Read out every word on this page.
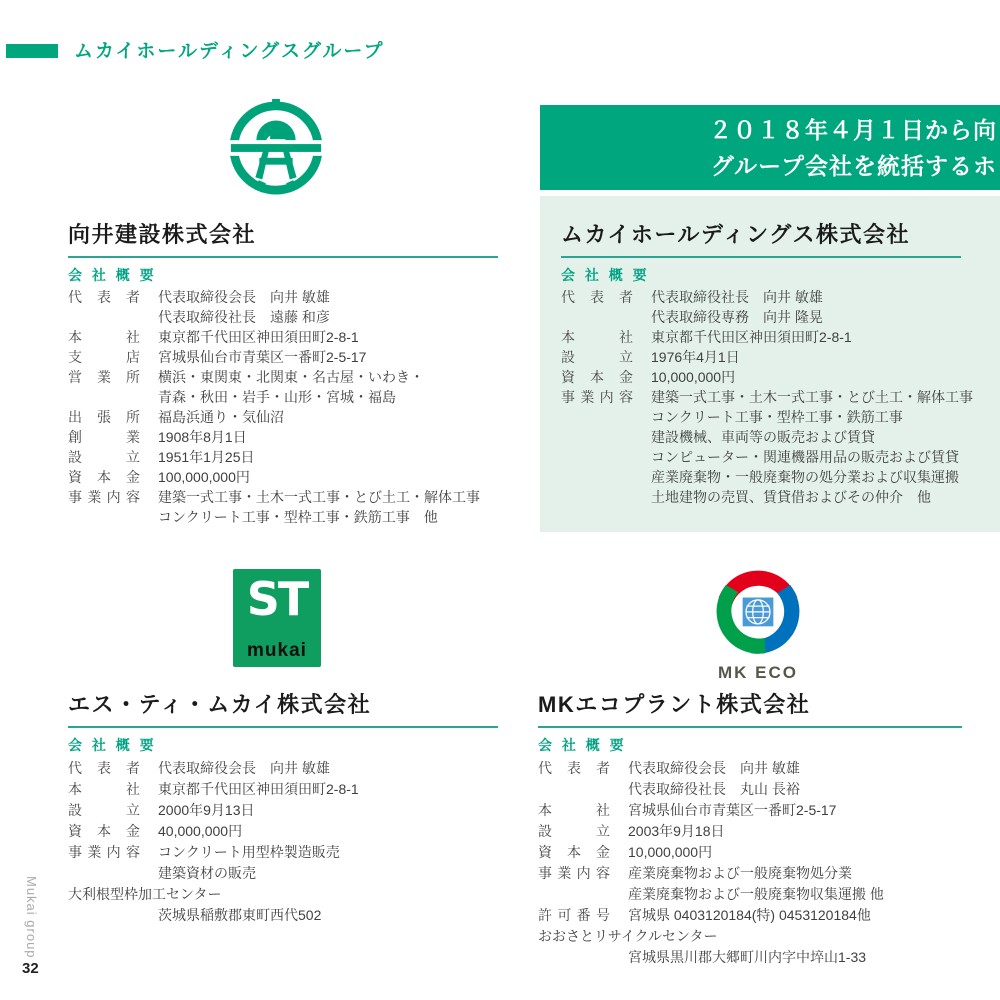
ムカイホールディングスグループ
２０１８年４月１日から向
グループ会社を統括するホ
向井建設株式会社
会 社 概 要
代 表 者 代表取締役会長　向井 敏雄
代表取締役社長　遠藤 和彦
本	社 東京都千代田区神田須田町2-8-1
支	店 宮城県仙台市青葉区一番町2-5-17
営 業 所 横浜・東関東・北関東・名古屋・いわき・
青森・秋田・岩手・山形・宮城・福島
出 張 所 福島浜通り・気仙沼
創	業 1908年8月1日
設	立 1951年1月25日
資 本 金 100,000,000円
事 業 内 容 建築一式工事・土木一式工事・とび土工・解体工事
コンクリート工事・型枠工事・鉄筋工事　他
ムカイホールディングス株式会社
会 社 概 要
代 表 者 代表取締役社長　向井 敏雄
代表取締役専務　向井 隆晃
本	社 東京都千代田区神田須田町2-8-1
設	立 1976年4月1日
資 本 金 10,000,000円
事 業 内 容 建築一式工事・土木一式工事・とび土工・解体工事
コンクリート工事・型枠工事・鉄筋工事
建設機械、車両等の販売および賃貸
コンピューター・関連機器用品の販売および賃貸
産業廃棄物・一般廃棄物の処分業および収集運搬
土地建物の売買、賃貸借およびその仲介　他
ST
mukai
MK ECO
エス・ティ・ムカイ株式会社
会 社 概 要
代 表 者 代表取締役会長　向井 敏雄
本	社 東京都千代田区神田須田町2-8-1
設	立 2000年9月13日
資 本 金 40,000,000円
事 業 内 容 コンクリート用型枠製造販売
建築資材の販売
大利根型枠加工センター
茨城県稲敷郡東町西代502
MKエコプラント株式会社
会 社 概 要
代 表 者 代表取締役会長　向井 敏雄
代表取締役社長　丸山 長裕
本	社 宮城県仙台市青葉区一番町2-5-17
設	立 2003年9月18日
資 本 金 10,000,000円
事 業 内 容 産業廃棄物および一般廃棄物処分業
産業廃棄物および一般廃棄物収集運搬 他
許 可 番 号 宮城県 0403120184(特) 0453120184他
おおさとリサイクルセンター
宮城県黒川郡大郷町川内字中埣山1-33
Mukai group
32
